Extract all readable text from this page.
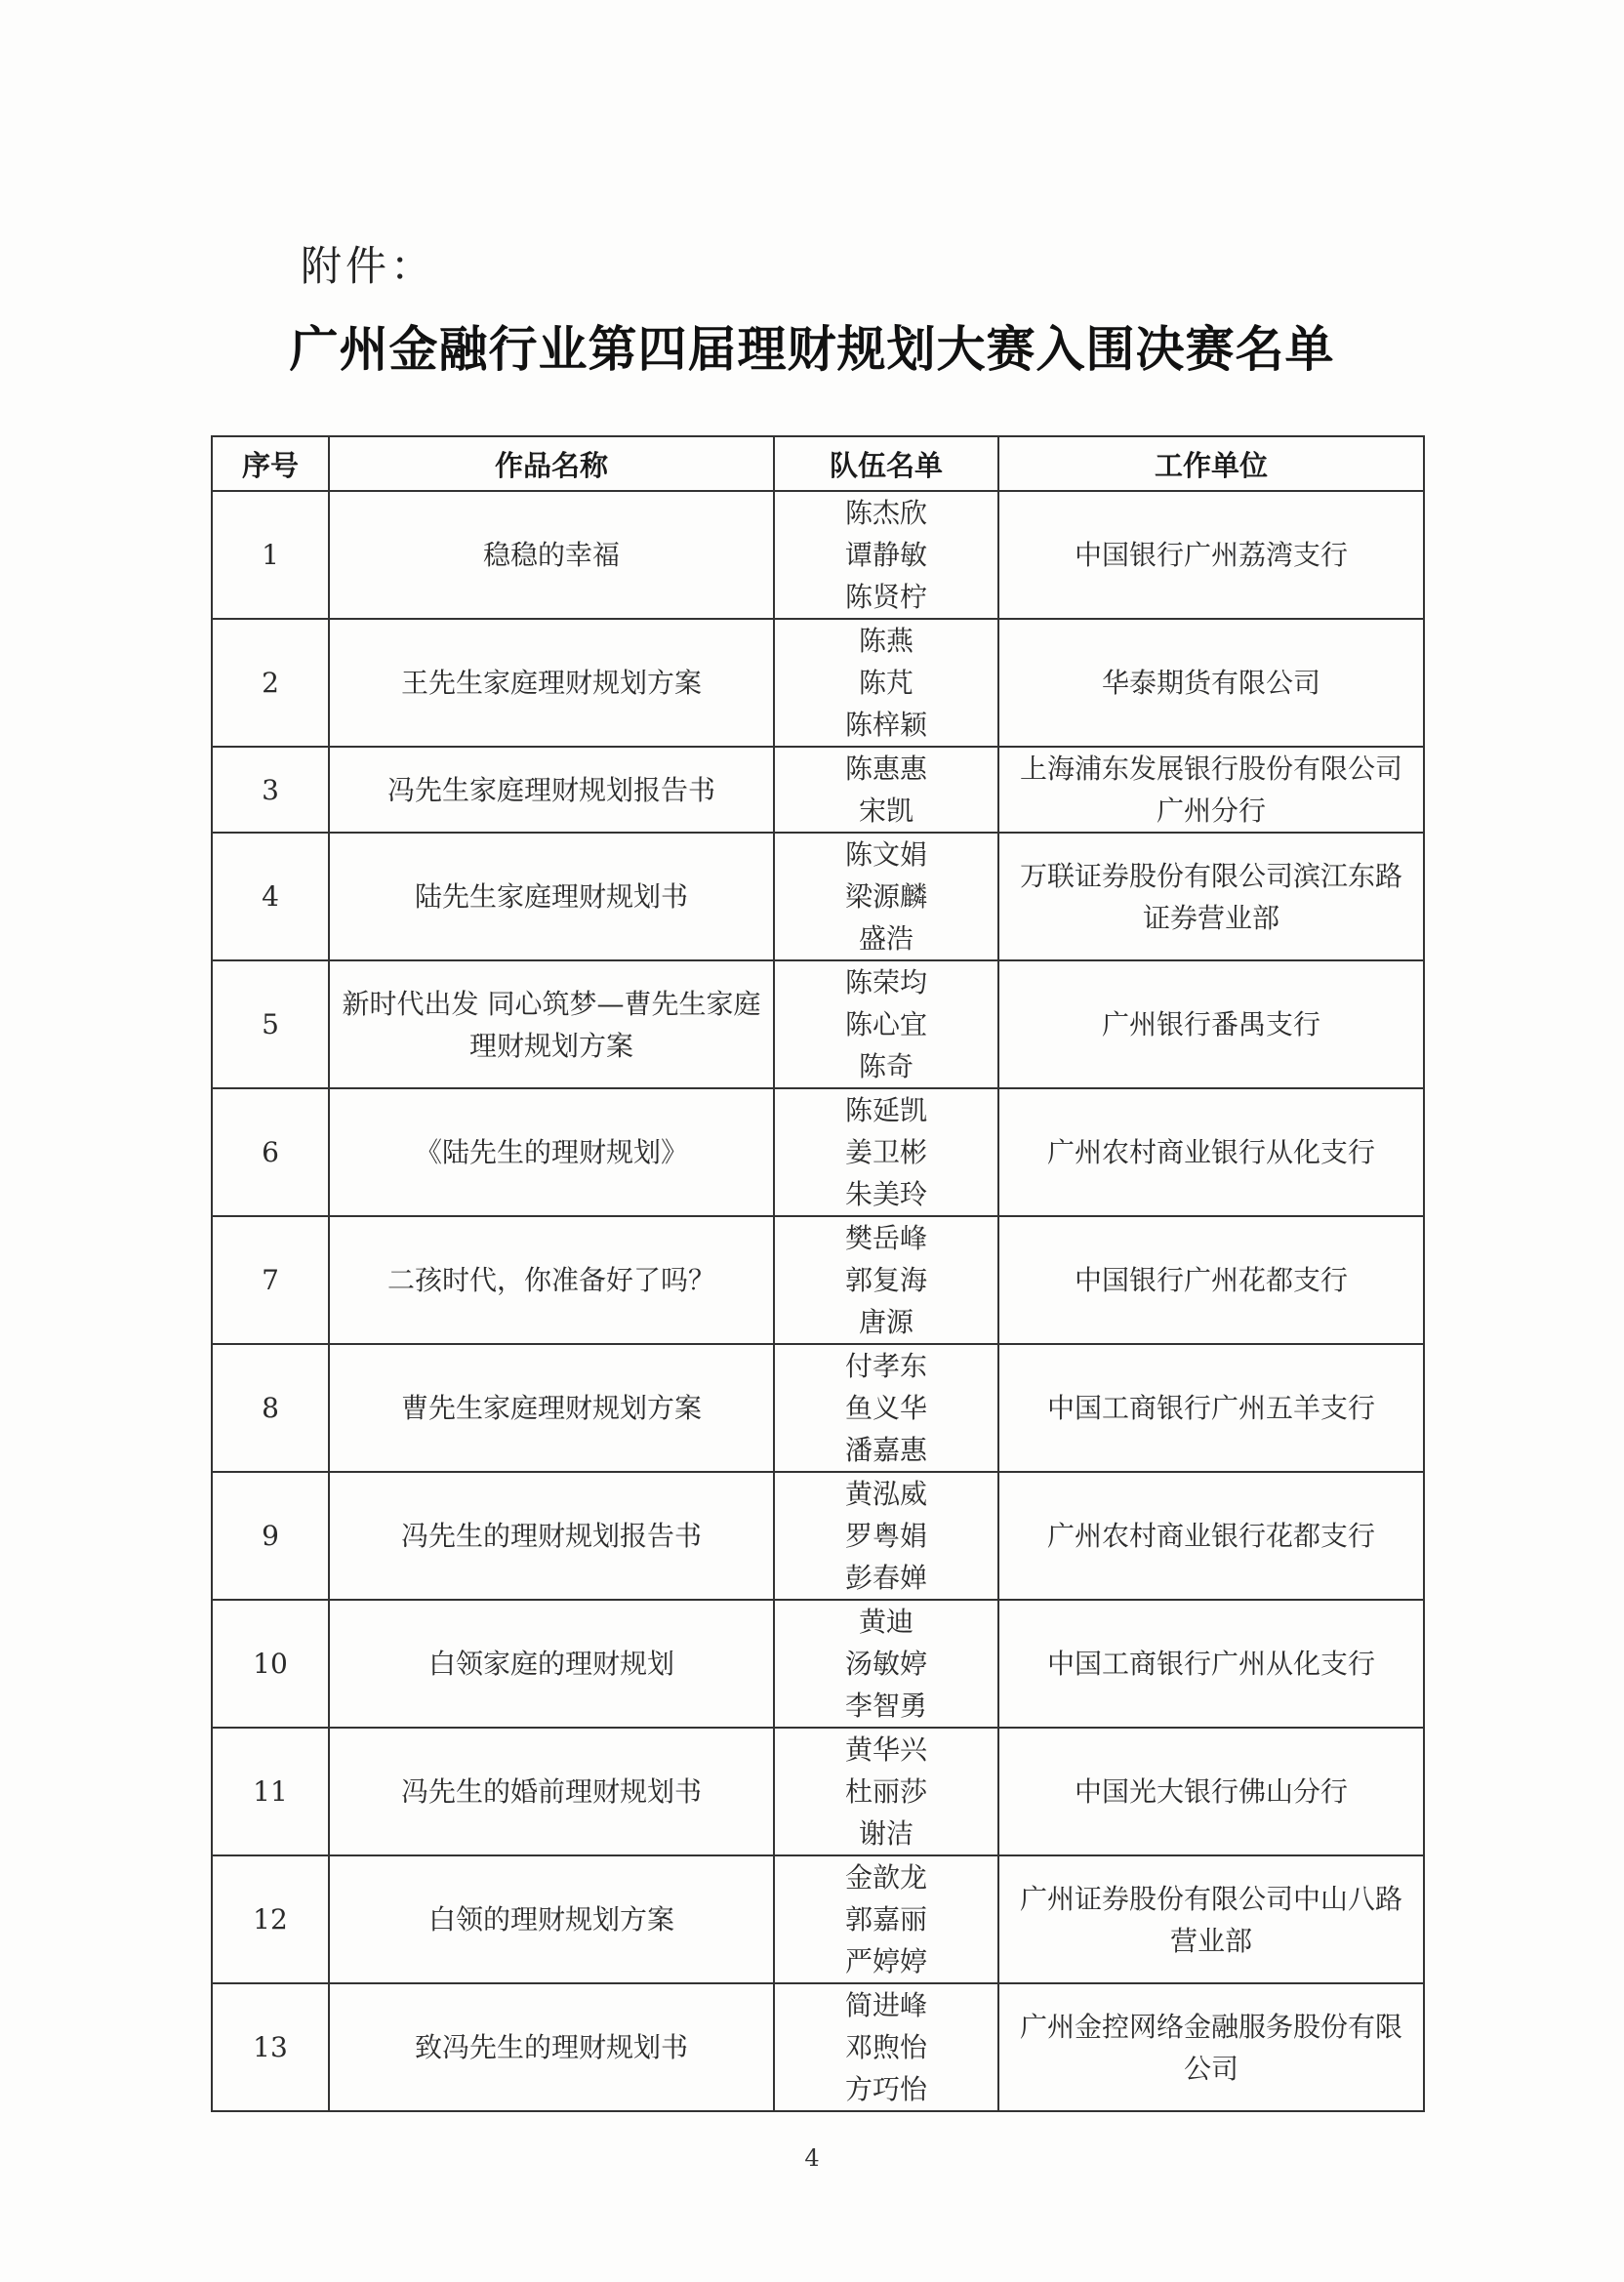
附件：
广州金融行业第四届理财规划大赛入围决赛名单
序号	作品名称	队伍名单	工作单位
1	稳稳的幸福	陈杰欣
谭静敏
陈贤柠	中国银行广州荔湾支行
2	王先生家庭理财规划方案	陈燕
陈芃
陈梓颖	华泰期货有限公司
3	冯先生家庭理财规划报告书	陈惠惠
宋凯	上海浦东发展银行股份有限公司广州分行
4	陆先生家庭理财规划书	陈文娟
梁源麟
盛浩	万联证券股份有限公司滨江东路证券营业部
5	新时代出发 同心筑梦—曹先生家庭理财规划方案	陈荣均
陈心宜
陈奇	广州银行番禺支行
6	《陆先生的理财规划》	陈延凯
姜卫彬
朱美玲	广州农村商业银行从化支行
7	二孩时代，你准备好了吗？	樊岳峰
郭复海
唐源	中国银行广州花都支行
8	曹先生家庭理财规划方案	付孝东
鱼义华
潘嘉惠	中国工商银行广州五羊支行
9	冯先生的理财规划报告书	黄泓威
罗粤娟
彭春婵	广州农村商业银行花都支行
10	白领家庭的理财规划	黄迪
汤敏婷
李智勇	中国工商银行广州从化支行
11	冯先生的婚前理财规划书	黄华兴
杜丽莎
谢洁	中国光大银行佛山分行
12	白领的理财规划方案	金歆龙
郭嘉丽
严婷婷	广州证券股份有限公司中山八路营业部
13	致冯先生的理财规划书	简进峰
邓煦怡
方巧怡	广州金控网络金融服务股份有限公司
4
